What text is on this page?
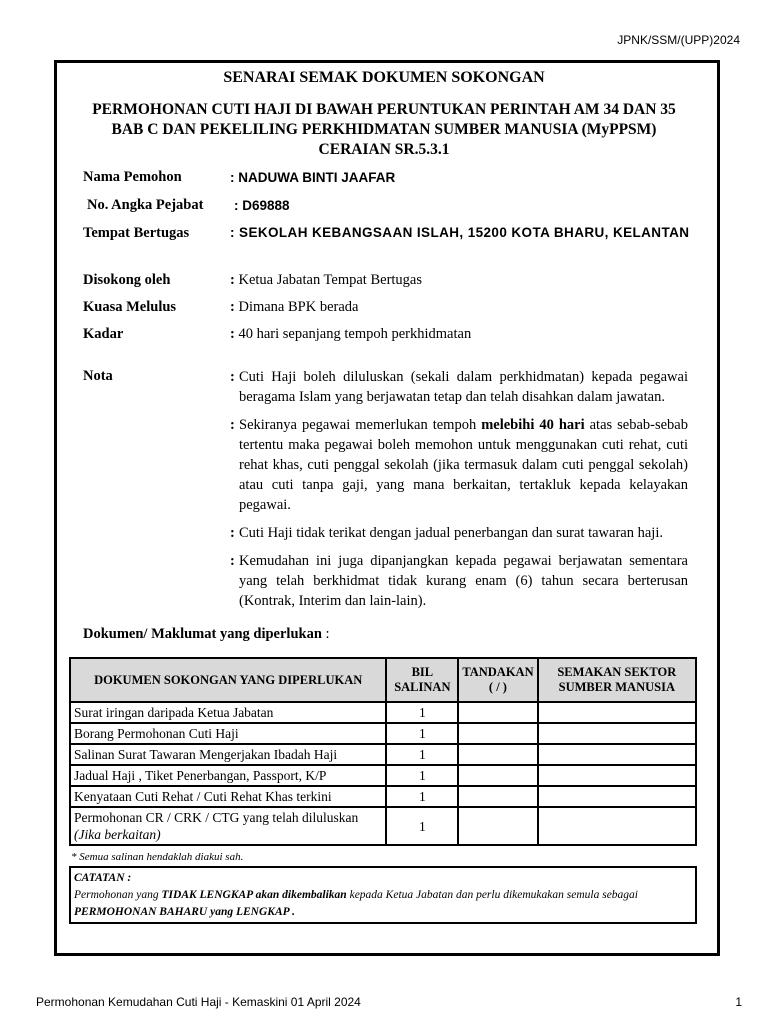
JPNK/SSM/(UPP)2024
SENARAI SEMAK DOKUMEN SOKONGAN
PERMOHONAN CUTI HAJI DI BAWAH PERUNTUKAN PERINTAH AM 34 DAN 35
BAB C DAN PEKELILING PERKHIDMATAN SUMBER MANUSIA (MyPPSM)
CERAIAN SR.5.3.1
Nama Pemohon	: NADUWA BINTI JAAFAR
No. Angka Pejabat : D69888
Tempat Bertugas	: SEKOLAH KEBANGSAAN ISLAH, 15200 KOTA BHARU, KELANTAN
Disokong oleh	: Ketua Jabatan Tempat Bertugas
Kuasa Melulus	: Dimana BPK berada
Kadar	: 40 hari sepanjang tempoh perkhidmatan
Nota	: Cuti Haji boleh diluluskan (sekali dalam perkhidmatan) kepada pegawai beragama Islam yang berjawatan tetap dan telah disahkan dalam jawatan.
: Sekiranya pegawai memerlukan tempoh melebihi 40 hari atas sebab-sebab tertentu maka pegawai boleh memohon untuk menggunakan cuti rehat, cuti rehat khas, cuti penggal sekolah (jika termasuk dalam cuti penggal sekolah) atau cuti tanpa gaji, yang mana berkaitan, tertakluk kepada kelayakan pegawai.
: Cuti Haji tidak terikat dengan jadual penerbangan dan surat tawaran haji.
: Kemudahan ini juga dipanjangkan kepada pegawai berjawatan sementara yang telah berkhidmat tidak kurang enam (6) tahun secara berterusan (Kontrak, Interim dan lain-lain).
Dokumen/ Maklumat yang diperlukan :
DOKUMEN SOKONGAN YANG DIPERLUKAN	BIL SALINAN	TANDAKAN ( / )	SEMAKAN SEKTOR SUMBER MANUSIA
Surat iringan daripada Ketua Jabatan	1		
Borang Permohonan Cuti Haji	1		
Salinan Surat Tawaran Mengerjakan Ibadah Haji	1		
Jadual Haji , Tiket Penerbangan, Passport, K/P	1		
Kenyataan Cuti Rehat / Cuti Rehat Khas terkini	1		

Permohonan CR / CRK / CTG yang telah diluluskan
(Jika berkaitan)	1		
* Semua salinan hendaklah diakui sah.
CATATAN :
Permohonan yang TIDAK LENGKAP akan dikembalikan kepada Ketua Jabatan dan perlu dikemukakan semula sebagai
PERMOHONAN BAHARU yang LENGKAP .
Permohonan Kemudahan Cuti Haji - Kemaskini 01 April 2024	1
